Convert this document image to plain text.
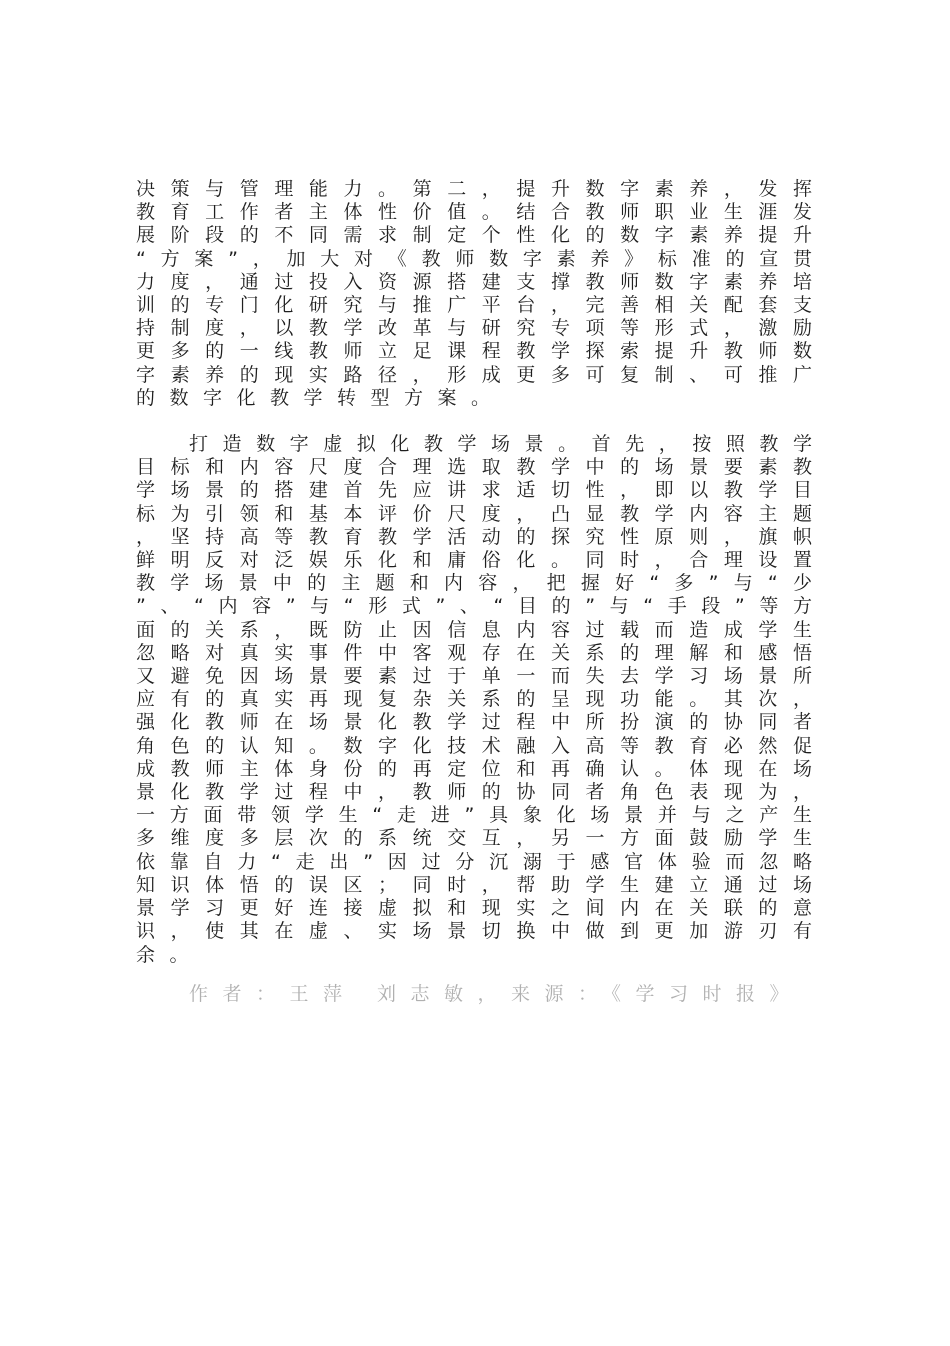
决策与管理能力。第二，提升数字素养，发挥教育工作者主体性价值。结合教师职业生涯发展阶段的不同需求制定个性化的数字素养提升“方案”，加大对《教师数字素养》标准的宣贯力度，通过投入资源搭建支撑教师数字素养培训的专门化研究与推广平台，完善相关配套支持制度，以教学改革与研究专项等形式，激励更多的一线教师立足课程教学探索提升教师数字素养的现实路径，形成更多可复制、可推广的数字化教学转型方案。

打造数字虚拟化教学场景。首先，按照教学目标和内容尺度合理选取教学中的场景要素教学场景的搭建首先应讲求适切性，即以教学目标为引领和基本评价尺度，凸显教学内容主题，坚持高等教育教学活动的探究性原则，旗帜鲜明反对泛娱乐化和庸俗化。同时，合理设置教学场景中的主题和内容，把握好“多”与“少”、“内容”与“形式”、“目的”与“手段”等方面的关系，既防止因信息内容过载而造成学生忽略对真实事件中客观存在关系的理解和感悟又避免因场景要素过于单一而失去学习场景所应有的真实再现复杂关系的呈现功能。其次，强化教师在场景化教学过程中所扮演的协同者角色的认知。数字化技术融入高等教育必然促成教师主体身份的再定位和再确认。体现在场景化教学过程中，教师的协同者角色表现为，一方面带领学生“走进”具象化场景并与之产生多维度多层次的系统交互，另一方面鼓励学生依靠自力“走出”因过分沉溺于感官体验而忽略知识体悟的误区；同时，帮助学生建立通过场景学习更好连接虚拟和现实之间内在关联的意识，使其在虚、实场景切换中做到更加游刃有余。

作者：王萍 刘志敏，来源：《学习时报》
